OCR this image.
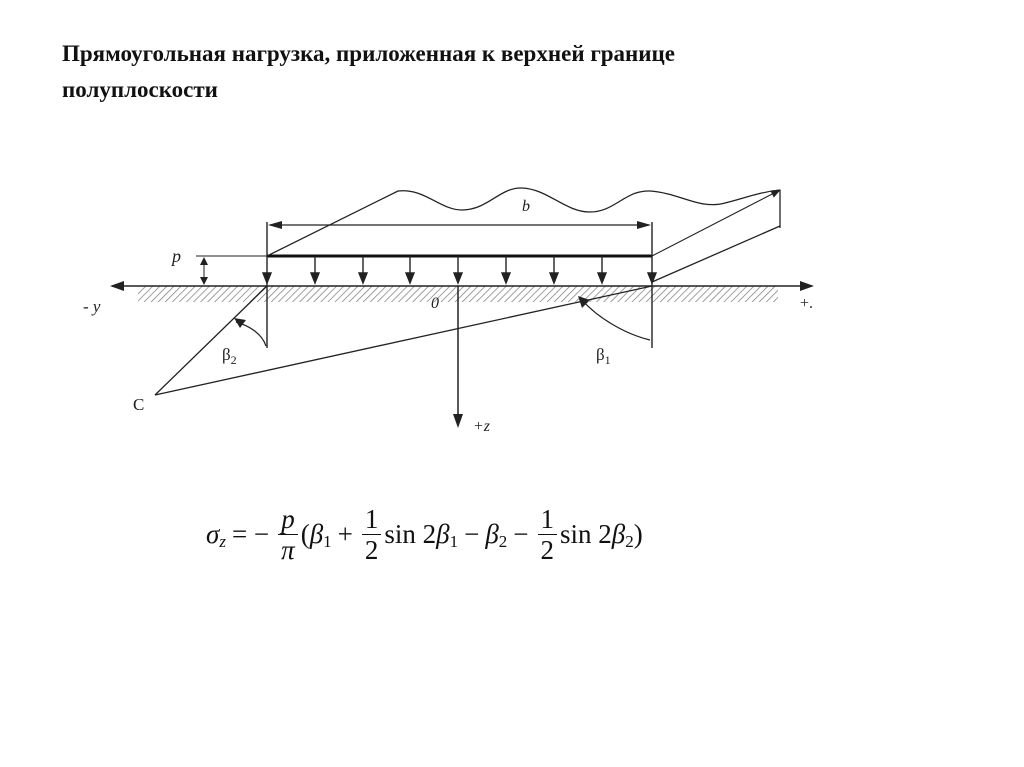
Прямоугольная нагрузка, приложенная к верхней границе
полуплоскости
b
p
+z
0
- y	+.
C
$\beta_2$	$\beta_1$
σ z = − $\frac{p}{\pi}$ ( β $1 + \frac{1}{2}$ sin 2 β 1 − β $2 - \frac{1}{2}$ sin 2 β 2 )
